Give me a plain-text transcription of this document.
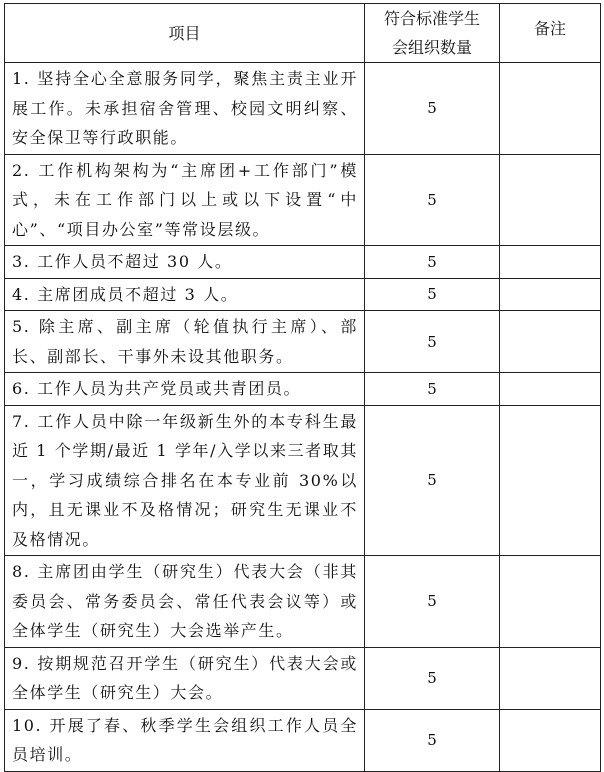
项目	符合标准学生会组织数量	备注
1. 坚持全心全意服务同学，聚焦主责主业开展工作。未承担宿舍管理、校园文明纠察、安全保卫等行政职能。	5	
2. 工作机构架构为“主席团+工作部门”模式，未在工作部门以上或以下设置“中心”、“项目办公室”等常设层级。	5	
3. 工作人员不超过 30 人。	5	
4. 主席团成员不超过 3 人。	5	
5. 除主席、副主席（轮值执行主席）、部长、副部长、干事外未设其他职务。	5	
6. 工作人员为共产党员或共青团员。	5	
7. 工作人员中除一年级新生外的本专科生最近 1 个学期/最近 1 学年/入学以来三者取其一，学习成绩综合排名在本专业前 30%以内，且无课业不及格情况；研究生无课业不及格情况。	5	
8. 主席团由学生（研究生）代表大会（非其委员会、常务委员会、常任代表会议等）或全体学生（研究生）大会选举产生。	5	
9. 按期规范召开学生（研究生）代表大会或全体学生（研究生）大会。	5	
10. 开展了春、秋季学生会组织工作人员全员培训。	5	
